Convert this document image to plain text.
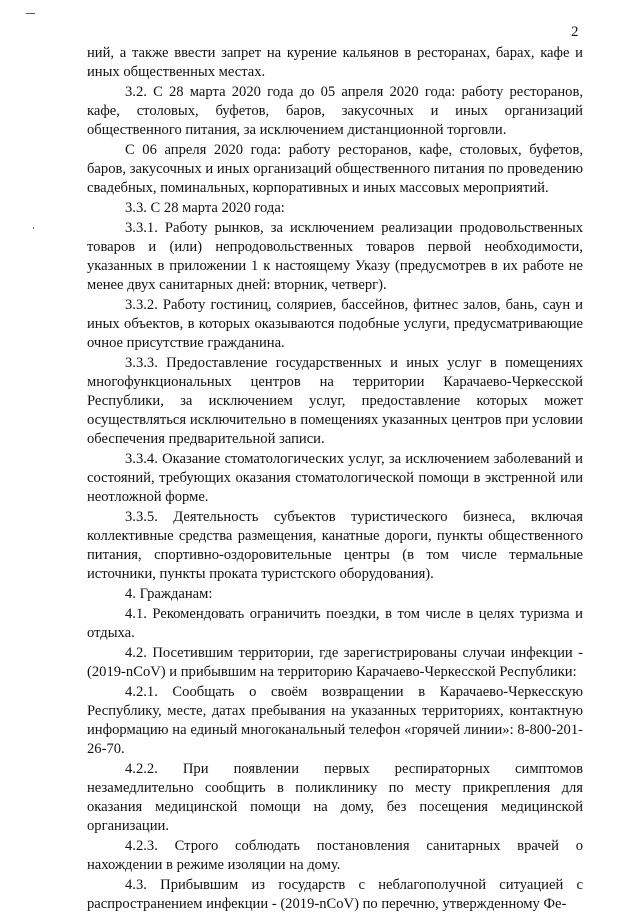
2

ний, а также ввести запрет на курение кальянов в ресторанах, барах, кафе и иных общественных местах.

3.2. С 28 марта 2020 года до 05 апреля 2020 года: работу ресторанов, кафе, столовых, буфетов, баров, закусочных и иных организаций общественного питания, за исключением дистанционной торговли.

С 06 апреля 2020 года: работу ресторанов, кафе, столовых, буфетов, баров, закусочных и иных организаций общественного питания по проведению свадебных, поминальных, корпоративных и иных массовых мероприятий.

3.3. С 28 марта 2020 года:

3.3.1. Работу рынков, за исключением реализации продовольственных товаров и (или) непродовольственных товаров первой необходимости, указанных в приложении 1 к настоящему Указу (предусмотрев в их работе не менее двух санитарных дней: вторник, четверг).

3.3.2. Работу гостиниц, соляриев, бассейнов, фитнес залов, бань, саун и иных объектов, в которых оказываются подобные услуги, предусматривающие очное присутствие гражданина.

3.3.3. Предоставление государственных и иных услуг в помещениях многофункциональных центров на территории Карачаево-Черкесской Республики, за исключением услуг, предоставление которых может осуществляться исключительно в помещениях указанных центров при условии обеспечения предварительной записи.

3.3.4. Оказание стоматологических услуг, за исключением заболеваний и состояний, требующих оказания стоматологической помощи в экстренной или неотложной форме.

3.3.5. Деятельность субъектов туристического бизнеса, включая коллективные средства размещения, канатные дороги, пункты общественного питания, спортивно-оздоровительные центры (в том числе термальные источники, пункты проката туристского оборудования).

4. Гражданам:

4.1. Рекомендовать ограничить поездки, в том числе в целях туризма и отдыха.

4.2. Посетившим территории, где зарегистрированы случаи инфекции - (2019-nCoV) и прибывшим на территорию Карачаево-Черкесской Республики:

4.2.1. Сообщать о своём возвращении в Карачаево-Черкесскую Республику, месте, датах пребывания на указанных территориях, контактную информацию на единый многоканальный телефон «горячей линии»: 8-800-201-26-70.

4.2.2. При появлении первых респираторных симптомов незамедлительно сообщить в поликлинику по месту прикрепления для оказания медицинской помощи на дому, без посещения медицинской организации.

4.2.3. Строго соблюдать постановления санитарных врачей о нахождении в режиме изоляции на дому.

4.3. Прибывшим из государств с неблагополучной ситуацией с распространением инфекции - (2019-nCoV) по перечню, утвержденному Фе-
